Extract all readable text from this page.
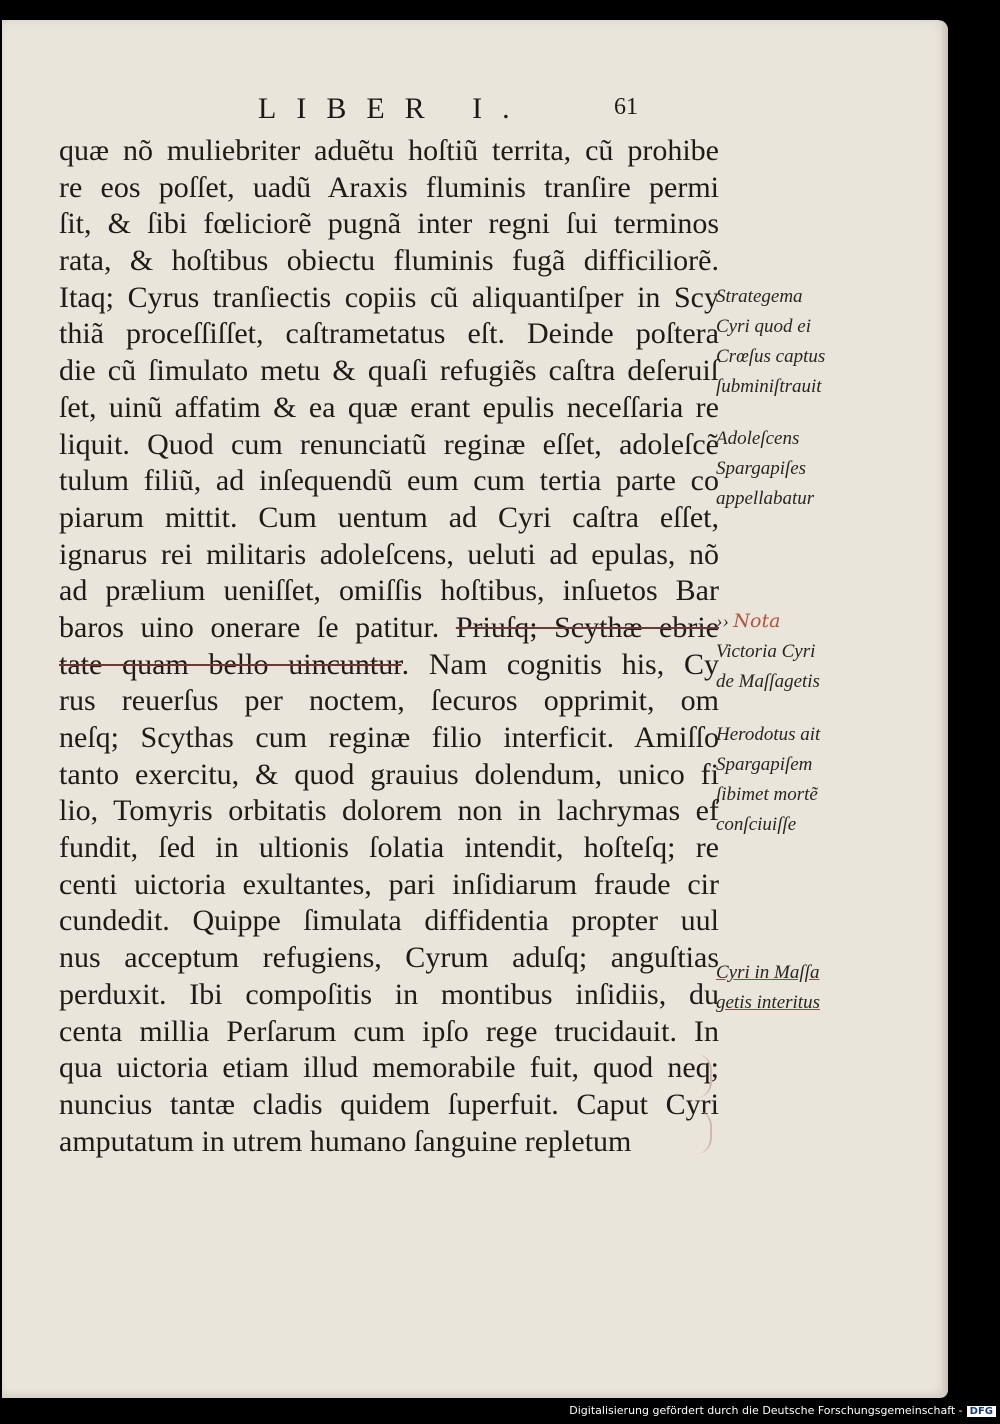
LIBER I.	61
quæ nõ muliebriter aduẽtu hoſtiũ territa, cũ prohibe
re eos poſſet, uadũ Araxis fluminis tranſire permi
ſit, & ſibi fœliciorẽ pugnã inter regni ſui terminos
rata, & hoſtibus obiectu fluminis fugã difficiliorẽ.
Itaq; Cyrus tranſiectis copiis cũ aliquantiſper in Scy
thiã proceſſiſſet, caſtrametatus eſt. Deinde poſtera
die cũ ſimulato metu & quaſi refugiẽs caſtra deſeruiſ
ſet, uinũ affatim & ea quæ erant epulis neceſſaria re
liquit. Quod cum renunciatũ reginæ eſſet, adoleſcẽ
tulum filiũ, ad inſequendũ eum cum tertia parte co
piarum mittit. Cum uentum ad Cyri caſtra eſſet,
ignarus rei militaris adoleſcens, ueluti ad epulas, nõ
ad prælium ueniſſet, omiſſis hoſtibus, inſuetos Bar
baros uino onerare ſe patitur. Priuſq; Scythæ ebrie
tate quam bello uincuntur. Nam cognitis his, Cy
rus reuerſus per noctem, ſecuros opprimit, om
neſq; Scythas cum reginæ filio interficit. Amiſſo
tanto exercitu, & quod grauius dolendum, unico fi
lio, Tomyris orbitatis dolorem non in lachrymas ef
fundit, ſed in ultionis ſolatia intendit, hoſteſq; re
centi uictoria exultantes, pari inſidiarum fraude cir
cundedit. Quippe ſimulata diffidentia propter uul
nus acceptum refugiens, Cyrum aduſq; anguſtias
perduxit. Ibi compoſitis in montibus inſidiis, du
centa millia Perſarum cum ipſo rege trucidauit. In
qua uictoria etiam illud memorabile fuit, quod neq;
nuncius tantæ cladis quidem ſuperfuit. Caput Cyri
amputatum in utrem humano ſanguine repletum
Strategema
Cyri quod ei
Crœſus captus
ſubminiſtrauit
Adoleſcens
Spargapiſes
appellabatur
›› Nota
Victoria Cyri
de Maſſagetis
Herodotus ait
Spargapiſem
ſibimet mortẽ
conſciuiſſe
Cyri in Maſſa
getis interitus
Digitalisierung gefördert durch die Deutsche Forschungsgemeinschaft - DFG
